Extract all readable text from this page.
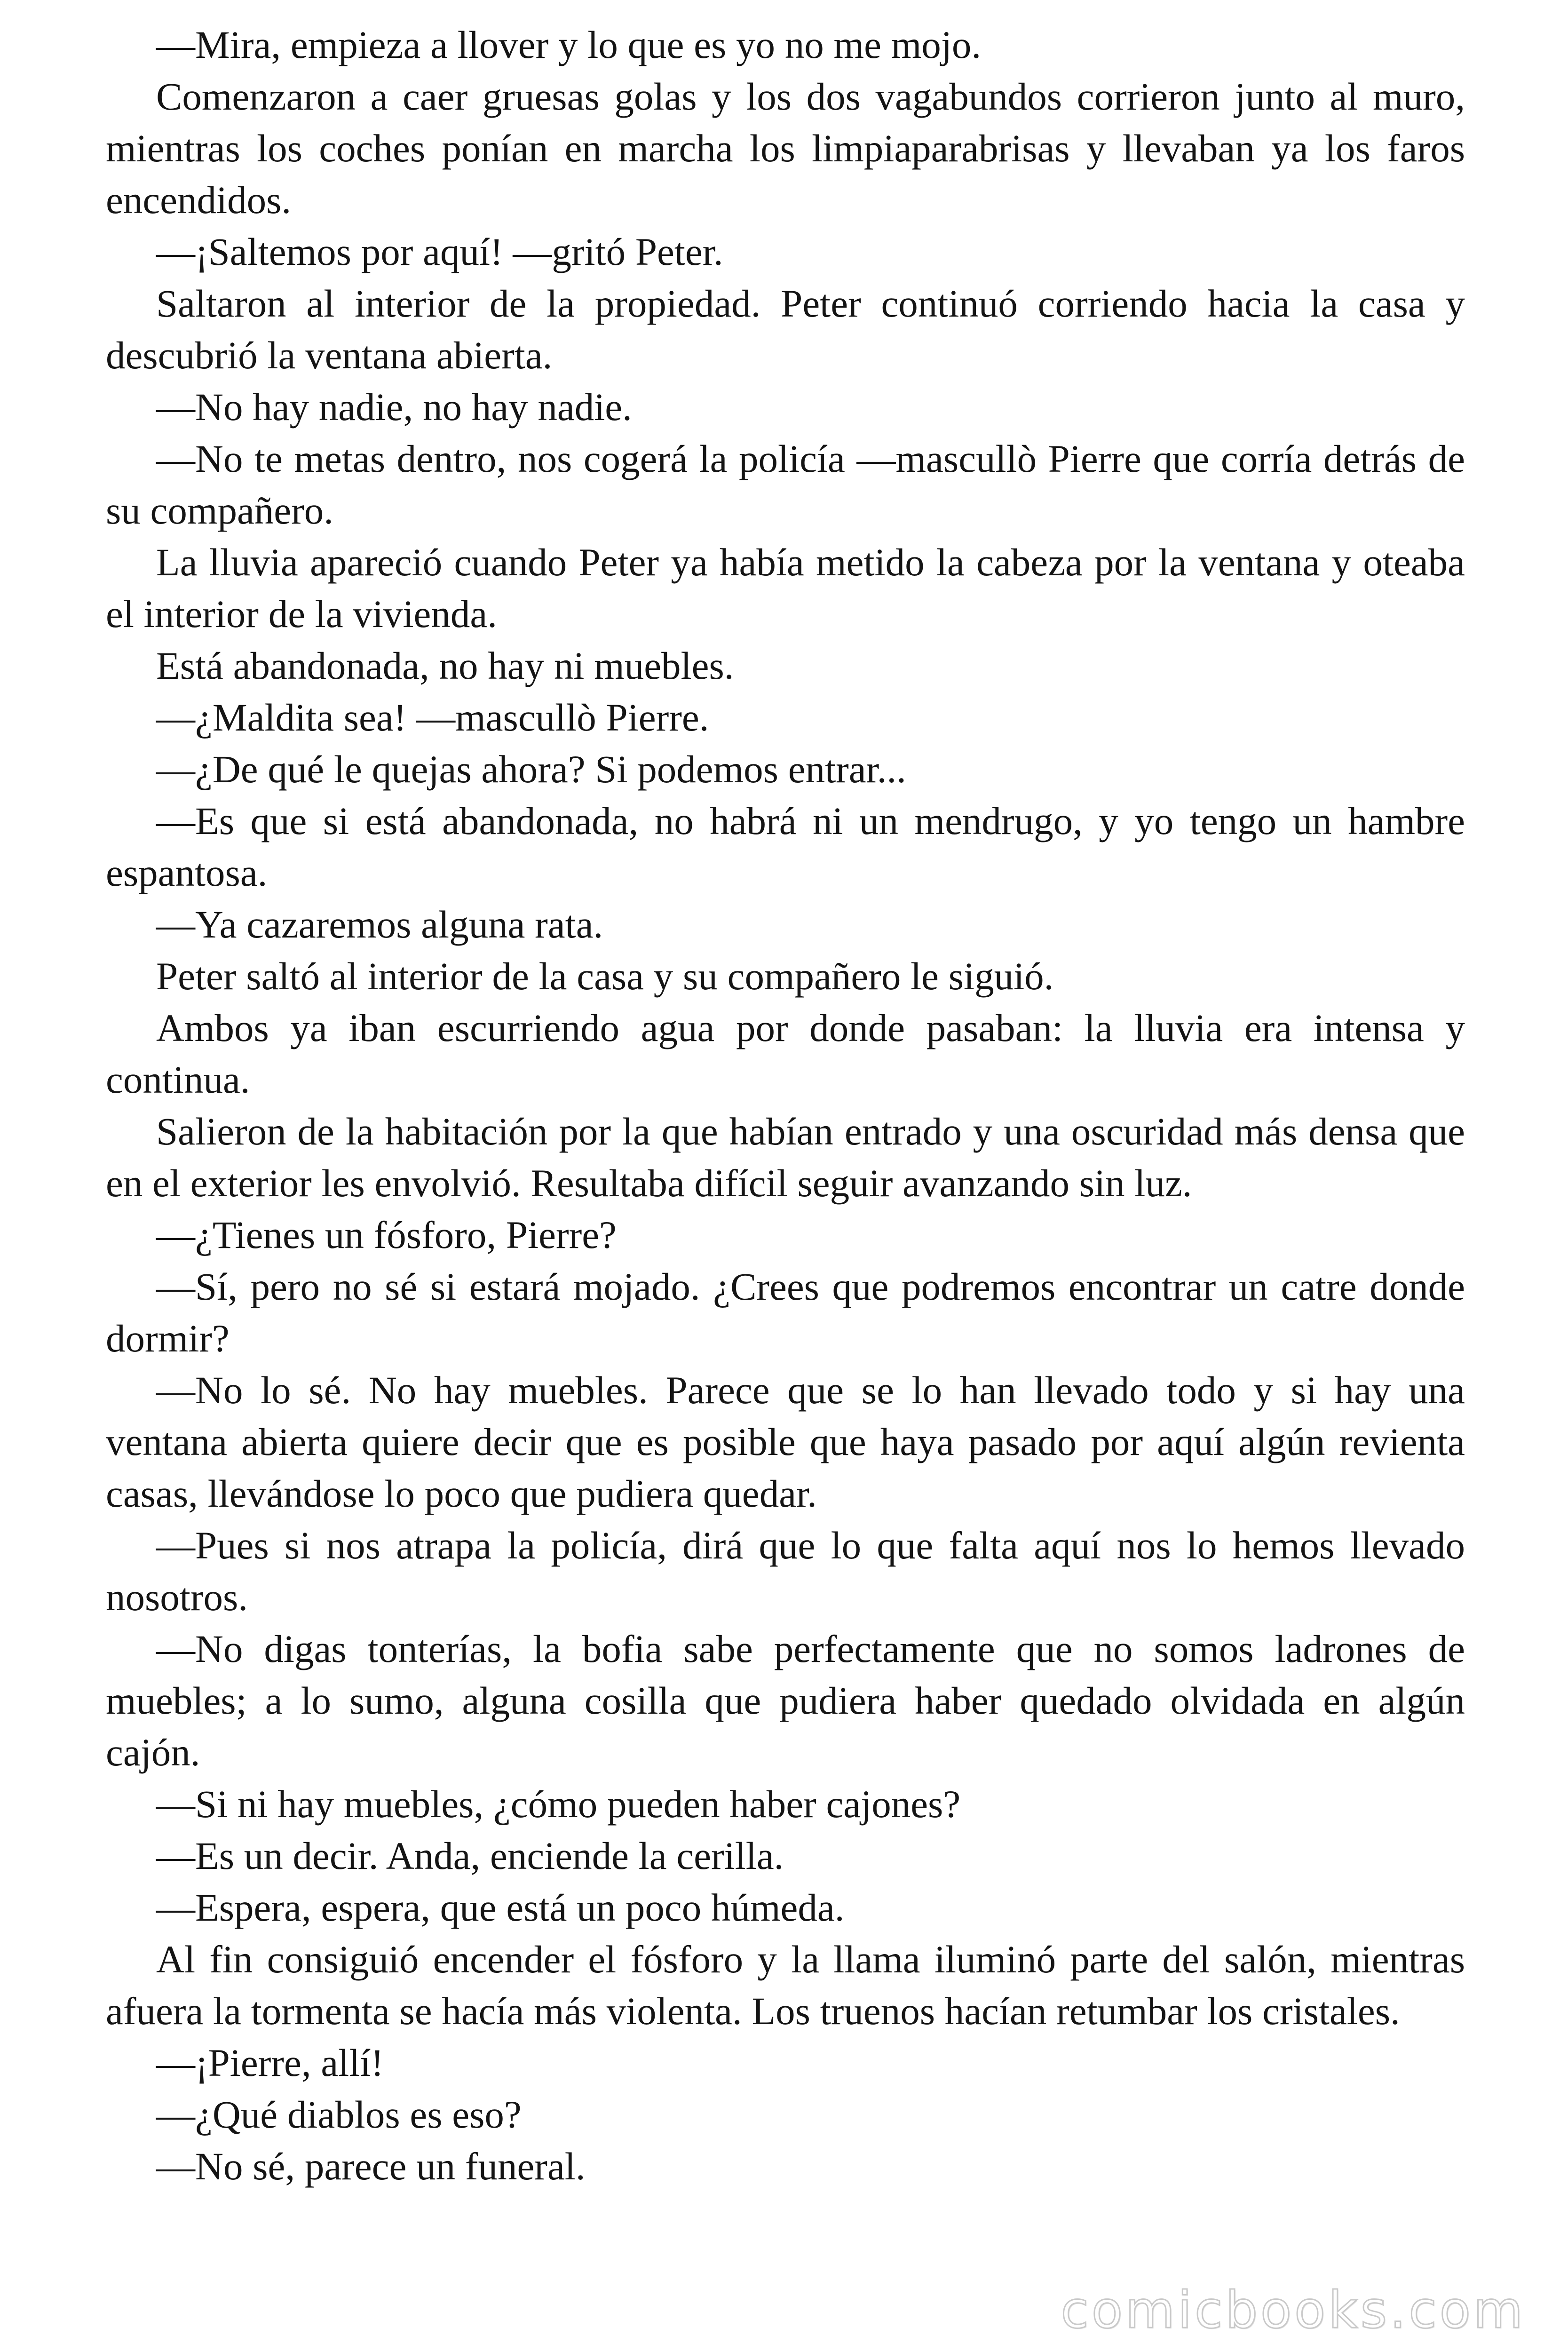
—Mira, empieza a llover y lo que es yo no me mojo.

Comenzaron a caer gruesas golas y los dos vagabundos corrieron junto al muro, mientras los coches ponían en marcha los limpiaparabrisas y llevaban ya los faros encendidos.

—¡Saltemos por aquí! —gritó Peter.

Saltaron al interior de la propiedad. Peter continuó corriendo hacia la casa y descubrió la ventana abierta.

—No hay nadie, no hay nadie.

—No te metas dentro, nos cogerá la policía —mascullò Pierre que corría detrás de su compañero.

La lluvia apareció cuando Peter ya había metido la cabeza por la ventana y oteaba el interior de la vivienda.

Está abandonada, no hay ni muebles.

—¿Maldita sea! —mascullò Pierre.

—¿De qué le quejas ahora? Si podemos entrar...

—Es que si está abandonada, no habrá ni un mendrugo, y yo tengo un hambre espantosa.

—Ya cazaremos alguna rata.

Peter saltó al interior de la casa y su compañero le siguió.

Ambos ya iban escurriendo agua por donde pasaban: la lluvia era intensa y continua.

Salieron de la habitación por la que habían entrado y una oscuridad más densa que en el exterior les envolvió. Resultaba difícil seguir avanzando sin luz.

—¿Tienes un fósforo, Pierre?

—Sí, pero no sé si estará mojado. ¿Crees que podremos encontrar un catre donde dormir?

—No lo sé. No hay muebles. Parece que se lo han llevado todo y si hay una ventana abierta quiere decir que es posible que haya pasado por aquí algún revienta casas, llevándose lo poco que pudiera quedar.

—Pues si nos atrapa la policía, dirá que lo que falta aquí nos lo hemos llevado nosotros.

—No digas tonterías, la bofia sabe perfectamente que no somos ladrones de muebles; a lo sumo, alguna cosilla que pudiera haber quedado olvidada en algún cajón.

—Si ni hay muebles, ¿cómo pueden haber cajones?

—Es un decir. Anda, enciende la cerilla.

—Espera, espera, que está un poco húmeda.

Al fin consiguió encender el fósforo y la llama iluminó parte del salón, mientras afuera la tormenta se hacía más violenta. Los truenos hacían retumbar los cristales.

—¡Pierre, allí!

—¿Qué diablos es eso?

—No sé, parece un funeral.

comicbooks.com
